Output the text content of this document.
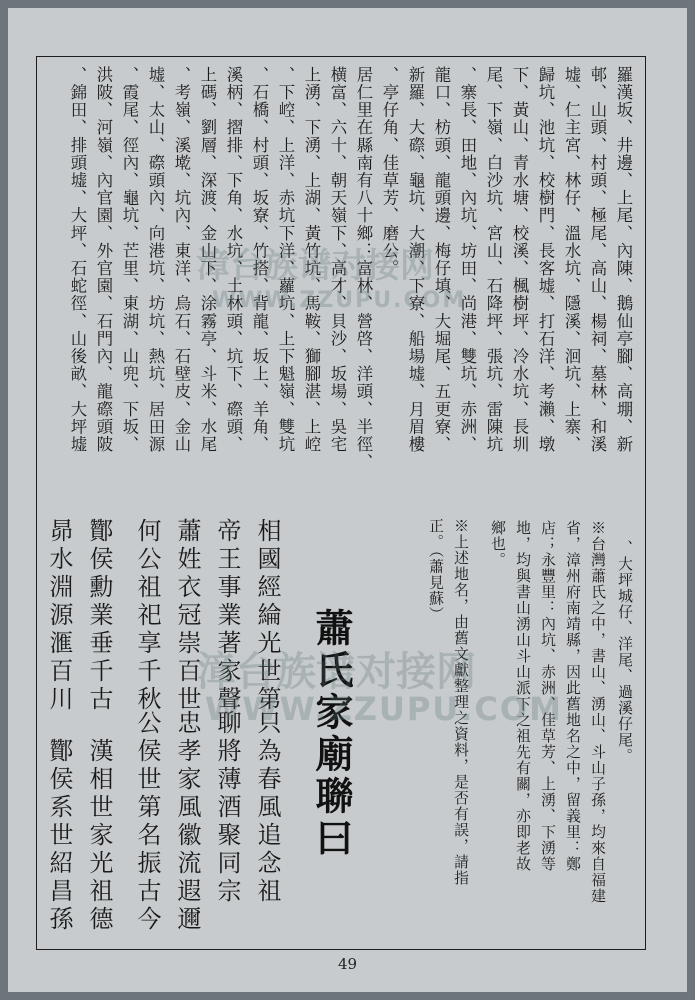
羅漢坂、井邊、上尾、內陳、鵝仙亭腳、高堋、新

邨、山頭、村頭、極尾、高山、楊祠、墓林、和溪

墟、仁主宮、林仔、溫水坑、隱溪、洄坑、上寨、

歸坑、池坑、校樹門、長客墟、打石洋、考瀨、墩

下、黃山、青水塘、校溪、楓樹坪、冷水坑、長圳

尾、下嶺、白沙坑、宮山、石降坪、張坑、雷陳坑

、寨長、田地、內坑、坊田、尚港、雙坑、赤洲、

龍口、枋頭、龍頭邊、梅仔填、大堀尾、五更寮、

新羅、大磜、龜坑、大潮、下寮、船場墟、月眉樓

、亭仔角、佳草芳、磨公。

居仁里在縣南有八十鄉：富林、營啓、洋頭、半徑、

横富、六十、朝天嶺下、高才、貝沙、坂場、吳宅

上湧、下湧、上湖、黃竹坑、馬鞍、獅腳湛、上崆

、下崆、上洋、赤坑下洋、蘿坑、上下魁嶺、雙坑

、石橋、村頭、坂寮、竹搭、背龍、坂上、羊角、

溪柄、摺排、下角、水坑、土林頭、坑下、磜頭、

上碼、劉層、深渡、金山下、涂霧亭、斗米、水尾

、考嶺、溪墘、坑內、東洋、烏石、石壁皮、金山

墟、太山、磜頭內、向港坑、坊坑、熱坑、居田源

、霞尾、徑內、龜坑、芒里、東湖、山兜、下坂、

洪陂、河嶺、內官園、外官園、石門內、龍磜頭陂

、錦田、排頭墟、大坪、石蛇徑、山後畝、大坪墟

、大坪城仔、洋尾、過溪仔尾。

※台灣蕭氏之中，書山、湧山、斗山子孫，均來自福建

省，漳州府南靖縣，因此舊地名之中，留義里：鄭

店；永豐里：內坑、赤洲、佳草芳、上湧、下湧等

地，均與書山湧山斗山派下之祖先有關，亦即老故

鄉也。

※上述地名，由舊文獻整理之資料，是否有誤，請指

正。（蕭見蘇）

蕭氏家廟聯曰

只為春風追念祖

相國經綸光世第

聊將薄酒聚同宗

帝王事業著家聲

忠孝家風徽流遐邇

蕭姓衣冠崇百世

公侯世第名振古今

何公祖祀享千秋

漢相世家光祖德

酇侯勳業垂千古

酇侯系世紹昌孫

昴水淵源滙百川

漳台族谱对接网
WWW.ZZUPU.COM
漳台族谱对接网
WWW.ZZUPU.COM
49
